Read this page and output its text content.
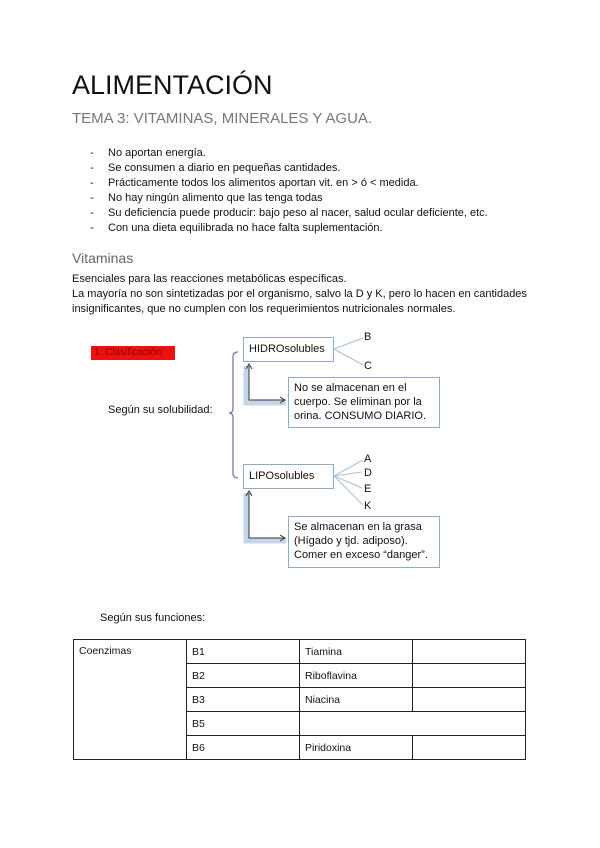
ALIMENTACIÓN
TEMA 3: VITAMINAS, MINERALES Y AGUA.
- No aportan energía.
- Se consumen a diario en pequeñas cantidades.
- Prácticamente todos los alimentos aportan vit. en > ó < medida.
- No hay ningún alimento que las tenga todas
- Su deficiencia puede producir: bajo peso al nacer, salud ocular deficiente, etc.
- Con una dieta equilibrada no hace falta suplementación.
Vitaminas
Esenciales para las reacciones metabólicas específicas.
La mayoría no son sintetizadas por el organismo, salvo la D y K, pero lo hacen en cantidades insignificantes, que no cumplen con los requerimientos nutricionales normales.
1. Clasificación:
Según su solubilidad:
HIDROsolubles
LIPOsolubles
B
C
A
D
E
K
No se almacenan en el cuerpo. Se eliminan por la orina. CONSUMO DIARIO.
Se almacenan en la grasa (Hígado y tjd. adiposo). Comer en exceso “danger”.
Según sus funciones:
Coenzimas	B1	Tiamina	
	B2	Riboflavina	
	B3	Niacina	
	B5		
	B6	Piridoxina	
